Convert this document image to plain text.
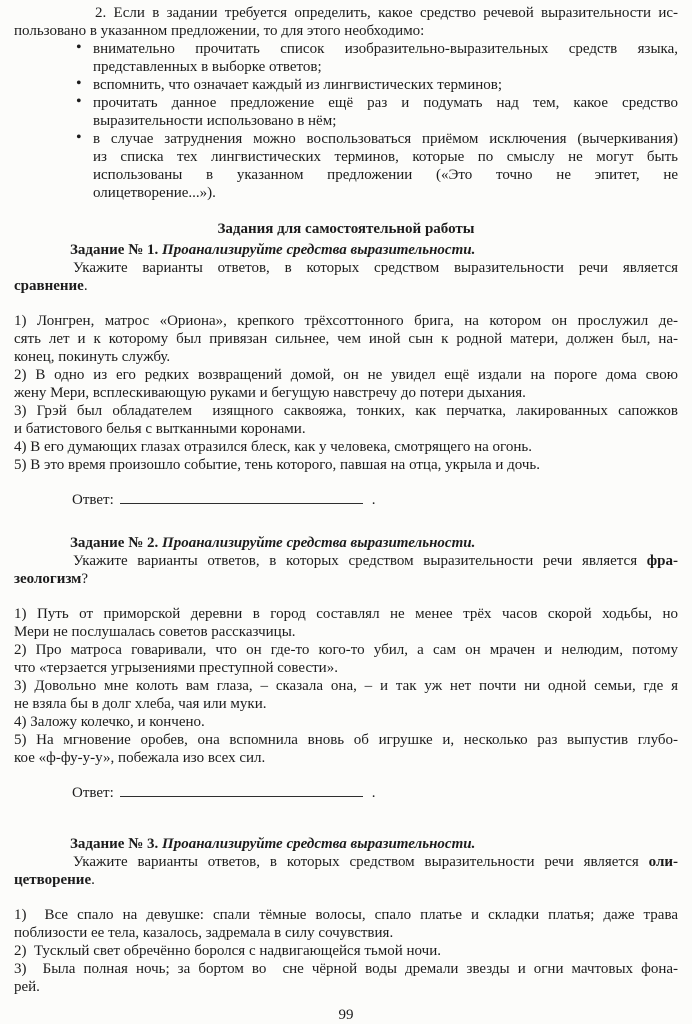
2. Если в задании требуется определить, какое средство речевой выразительности ис-
пользовано в указанном предложении, то для этого необходимо:
• внимательно прочитать список изобразительно-выразительных средств языка,
представленных в выборке ответов;
• вспомнить, что означает каждый из лингвистических терминов;
• прочитать данное предложение ещё раз и подумать над тем, какое средство
выразительности использовано в нём;
• в случае затруднения можно воспользоваться приёмом исключения (вычеркивания)
из списка тех лингвистических терминов, которые по смыслу не могут быть
использованы в указанном предложении («Это точно не эпитет, не
олицетворение...»).
Задания для самостоятельной работы
Задание № 1. Проанализируйте средства выразительности.
Укажите варианты ответов, в которых средством выразительности речи является
сравнение.
1) Лонгрен, матрос «Ориона», крепкого трёхсоттонного брига, на котором он прослужил де-
сять лет и к которому был привязан сильнее, чем иной сын к родной матери, должен был, на-
конец, покинуть службу.
2) В одно из его редких возвращений домой, он не увидел ещё издали на пороге дома свою
жену Мери, всплескивающую руками и бегущую навстречу до потери дыхания.
3) Грэй был обладателем  изящного саквояжа, тонких, как перчатка, лакированных сапожков
и батистового белья с вытканными коронами.
4) В его думающих глазах отразился блеск, как у человека, смотрящего на огонь.
5) В это время произошло событие, тень которого, павшая на отца, укрыла и дочь.
Ответ:	.
Задание № 2. Проанализируйте средства выразительности.
Укажите варианты ответов, в которых средством выразительности речи является фра-
зеологизм?
1) Путь от приморской деревни в город составлял не менее трёх часов скорой ходьбы, но
Мери не послушалась советов рассказчицы.
2) Про матроса говаривали, что он где-то кого-то убил, а сам он мрачен и нелюдим, потому
что «терзается угрызениями преступной совести».
3) Довольно мне колоть вам глаза, – сказала она, – и так уж нет почти ни одной семьи, где я
не взяла бы в долг хлеба, чая или муки.
4) Заложу колечко, и кончено.
5) На мгновение оробев, она вспомнила вновь об игрушке и, несколько раз выпустив глубо-
кое «ф-фу-у-у», побежала изо всех сил.
Ответ:	.
Задание № 3. Проанализируйте средства выразительности.
Укажите варианты ответов, в которых средством выразительности речи является оли-
цетворение.
1)  Все спало на девушке: спали тёмные волосы, спало платье и складки платья; даже трава
поблизости ее тела, казалось, задремала в силу сочувствия.
2)  Тусклый свет обречённо боролся с надвигающейся тьмой ночи.
3)  Была полная ночь; за бортом во  сне чёрной воды дремали звезды и огни мачтовых фона-
рей.
99
